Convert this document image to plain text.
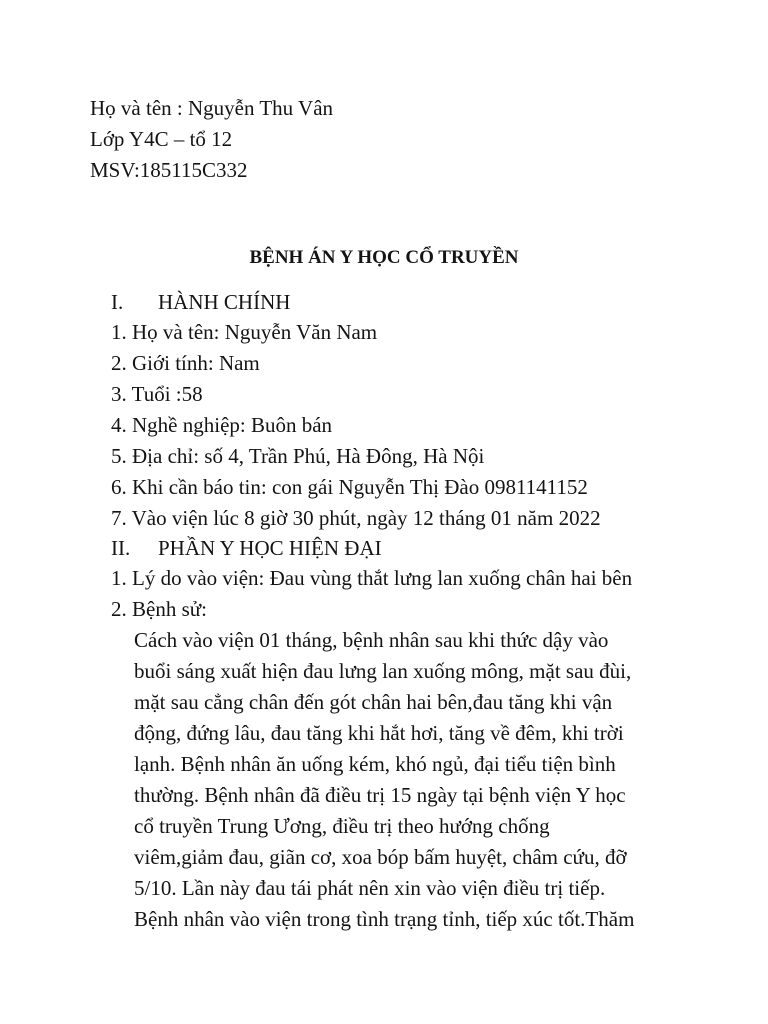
Họ và tên : Nguyễn Thu Vân
Lớp Y4C – tổ 12
MSV:185115C332
BỆNH ÁN Y HỌC CỔ TRUYỀN
I. HÀNH CHÍNH
1. Họ và tên: Nguyễn Văn Nam
2. Giới tính: Nam
3. Tuổi :58
4. Nghề nghiệp: Buôn bán
5. Địa chỉ: số 4, Trần Phú, Hà Đông, Hà Nội
6. Khi cần báo tin: con gái Nguyễn Thị Đào 0981141152
7. Vào viện lúc 8 giờ 30 phút, ngày 12 tháng 01 năm 2022
II. PHẦN Y HỌC HIỆN ĐẠI
1. Lý do vào viện: Đau vùng thắt lưng lan xuống chân hai bên
2. Bệnh sử:
Cách vào viện 01 tháng, bệnh nhân sau khi thức dậy vào
buổi sáng xuất hiện đau lưng lan xuống mông, mặt sau đùi,
mặt sau cẳng chân đến gót chân hai bên,đau tăng khi vận
động, đứng lâu, đau tăng khi hắt hơi, tăng về đêm, khi trời
lạnh. Bệnh nhân ăn uống kém, khó ngủ, đại tiểu tiện bình
thường. Bệnh nhân đã điều trị 15 ngày tại bệnh viện Y học
cổ truyền Trung Ương, điều trị theo hướng chống
viêm,giảm đau, giãn cơ, xoa bóp bấm huyệt, châm cứu, đỡ
5/10. Lần này đau tái phát nên xin vào viện điều trị tiếp.
Bệnh nhân vào viện trong tình trạng tỉnh, tiếp xúc tốt.Thăm
